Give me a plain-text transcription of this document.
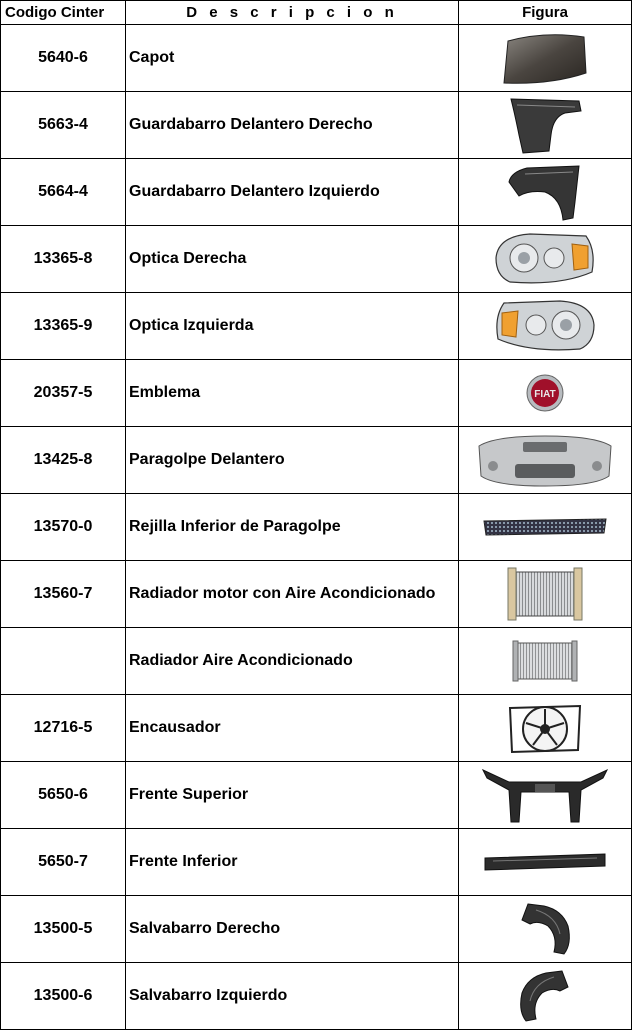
Codigo Cinter	D e s c r i p c i o n	Figura
5640-6	Capot	

5663-4	Guardabarro Delantero Derecho	

5664-4	Guardabarro Delantero Izquierdo	

13365-8	Optica Derecha	

13365-9	Optica Izquierda	

20357-5	Emblema	FIAT

13425-8	Paragolpe Delantero	

13570-0	Rejilla Inferior de Paragolpe	

13560-7	Radiador motor con Aire Acondicionado	

	Radiador Aire Acondicionado	

12716-5	Encausador	

5650-6	Frente Superior	

5650-7	Frente Inferior	

13500-5	Salvabarro Derecho	

13500-6	Salvabarro Izquierdo	
